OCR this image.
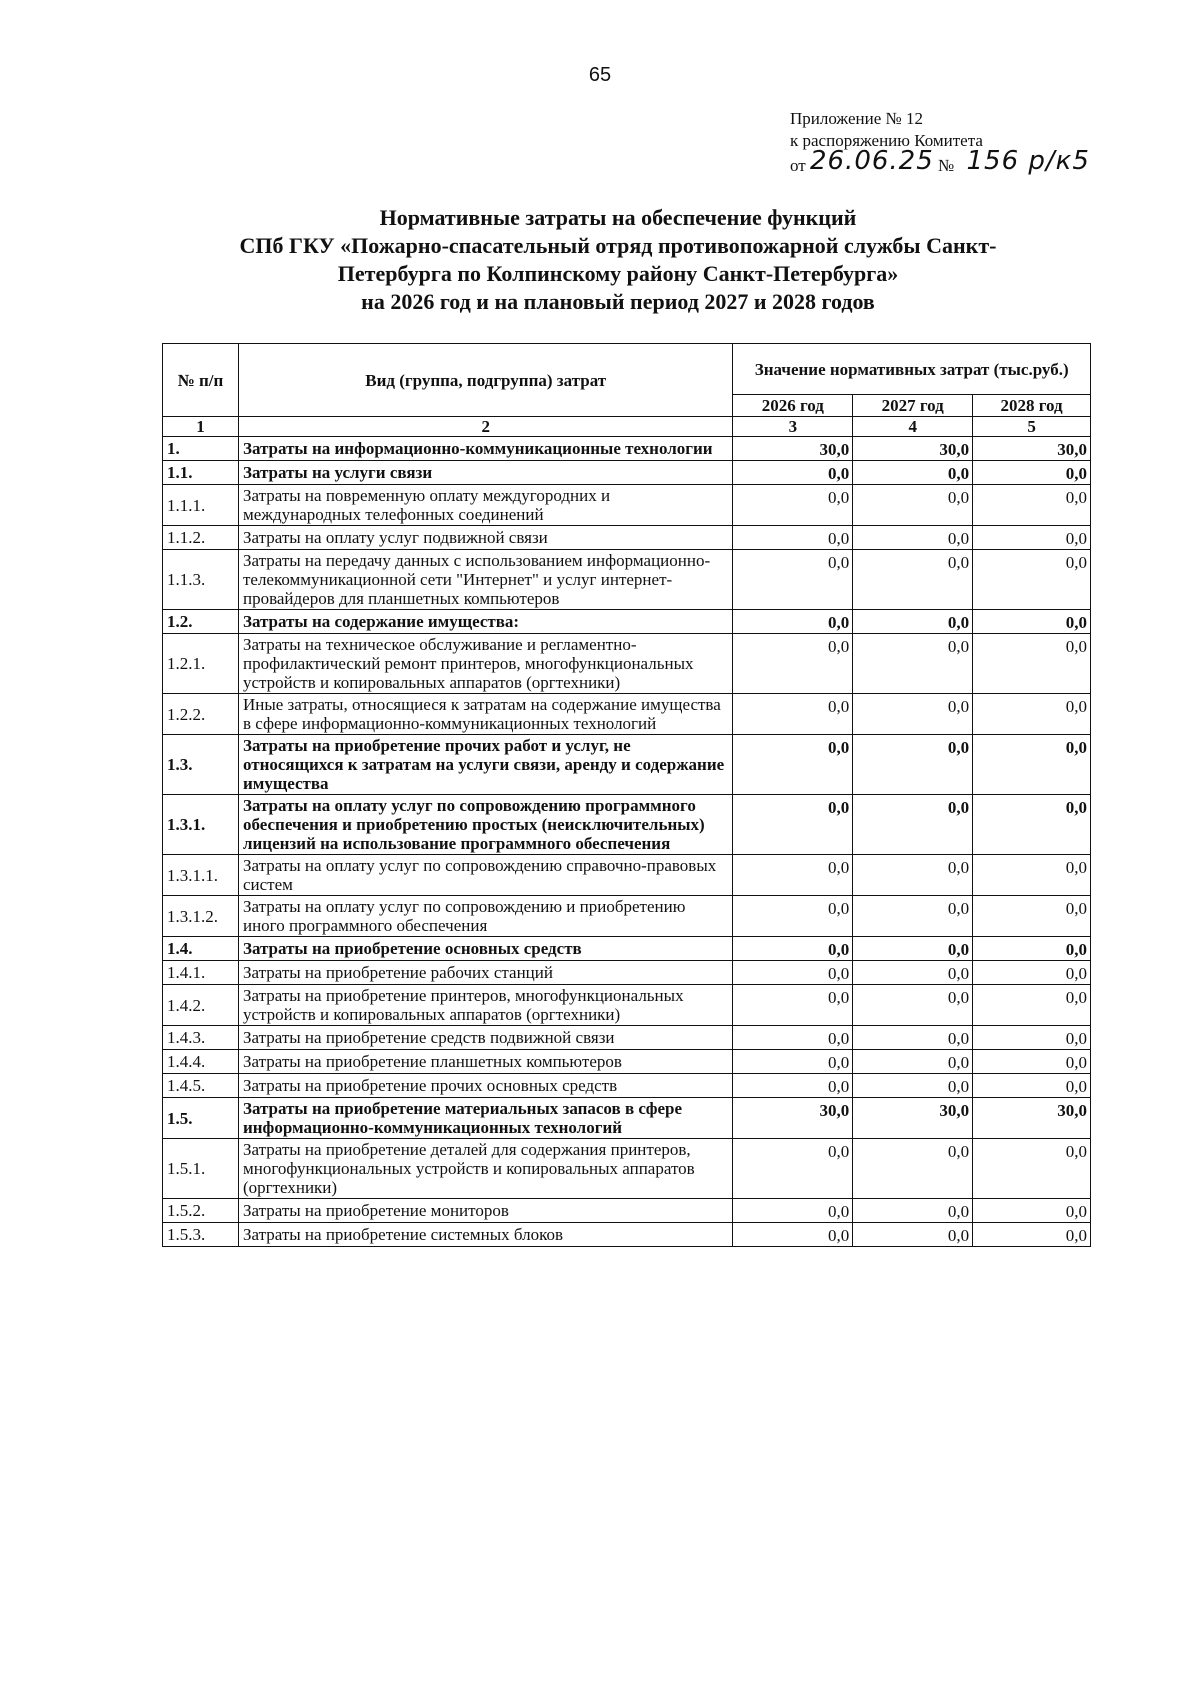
65
Приложение № 12
к распоряжению Комитета
от 26.06.25 № 156 р/к5
Нормативные затраты на обеспечение функций
СПб ГКУ «Пожарно-спасательный отряд противопожарной службы Санкт-
Петербурга по Колпинскому району Санкт-Петербурга»
на 2026 год и на плановый период 2027 и 2028 годов
№ п/п	Вид (группа, подгруппа) затрат	Значение нормативных затрат (тыс.руб.)		
		2026 год	2027 год	2028 год
1	2	3	4	5
1.	Затраты на информационно-коммуникационные технологии	30,0	30,0	30,0
1.1.	Затраты на услуги связи	0,0	0,0	0,0
1.1.1.	Затраты на повременную оплату междугородних и международных телефонных соединений	0,0	0,0	0,0
1.1.2.	Затраты на оплату услуг подвижной связи	0,0	0,0	0,0
1.1.3.	Затраты на передачу данных с использованием информационно-телекоммуникационной сети "Интернет" и услуг интернет-провайдеров для планшетных компьютеров	0,0	0,0	0,0
1.2.	Затраты на содержание имущества:	0,0	0,0	0,0
1.2.1.	Затраты на техническое обслуживание и регламентно-профилактический ремонт принтеров, многофункциональных устройств и копировальных аппаратов (оргтехники)	0,0	0,0	0,0
1.2.2.	Иные затраты, относящиеся к затратам на содержание имущества в сфере информационно-коммуникационных технологий	0,0	0,0	0,0
1.3.	Затраты на приобретение прочих работ и услуг, не относящихся к затратам на услуги связи, аренду и содержание имущества	0,0	0,0	0,0
1.3.1.	Затраты на оплату услуг по сопровождению программного обеспечения и приобретению простых (неисключительных) лицензий на использование программного обеспечения	0,0	0,0	0,0
1.3.1.1.	Затраты на оплату услуг по сопровождению справочно-правовых систем	0,0	0,0	0,0
1.3.1.2.	Затраты на оплату услуг по сопровождению и приобретению иного программного обеспечения	0,0	0,0	0,0
1.4.	Затраты на приобретение основных средств	0,0	0,0	0,0
1.4.1.	Затраты на приобретение рабочих станций	0,0	0,0	0,0
1.4.2.	Затраты на приобретение принтеров, многофункциональных устройств и копировальных аппаратов (оргтехники)	0,0	0,0	0,0
1.4.3.	Затраты на приобретение средств подвижной связи	0,0	0,0	0,0
1.4.4.	Затраты на приобретение планшетных компьютеров	0,0	0,0	0,0
1.4.5.	Затраты на приобретение прочих основных средств	0,0	0,0	0,0
1.5.	Затраты на приобретение материальных запасов в сфере информационно-коммуникационных технологий	30,0	30,0	30,0
1.5.1.	Затраты на приобретение деталей для содержания принтеров, многофункциональных устройств и копировальных аппаратов (оргтехники)	0,0	0,0	0,0
1.5.2.	Затраты на приобретение мониторов	0,0	0,0	0,0
1.5.3.	Затраты на приобретение системных блоков	0,0	0,0	0,0
